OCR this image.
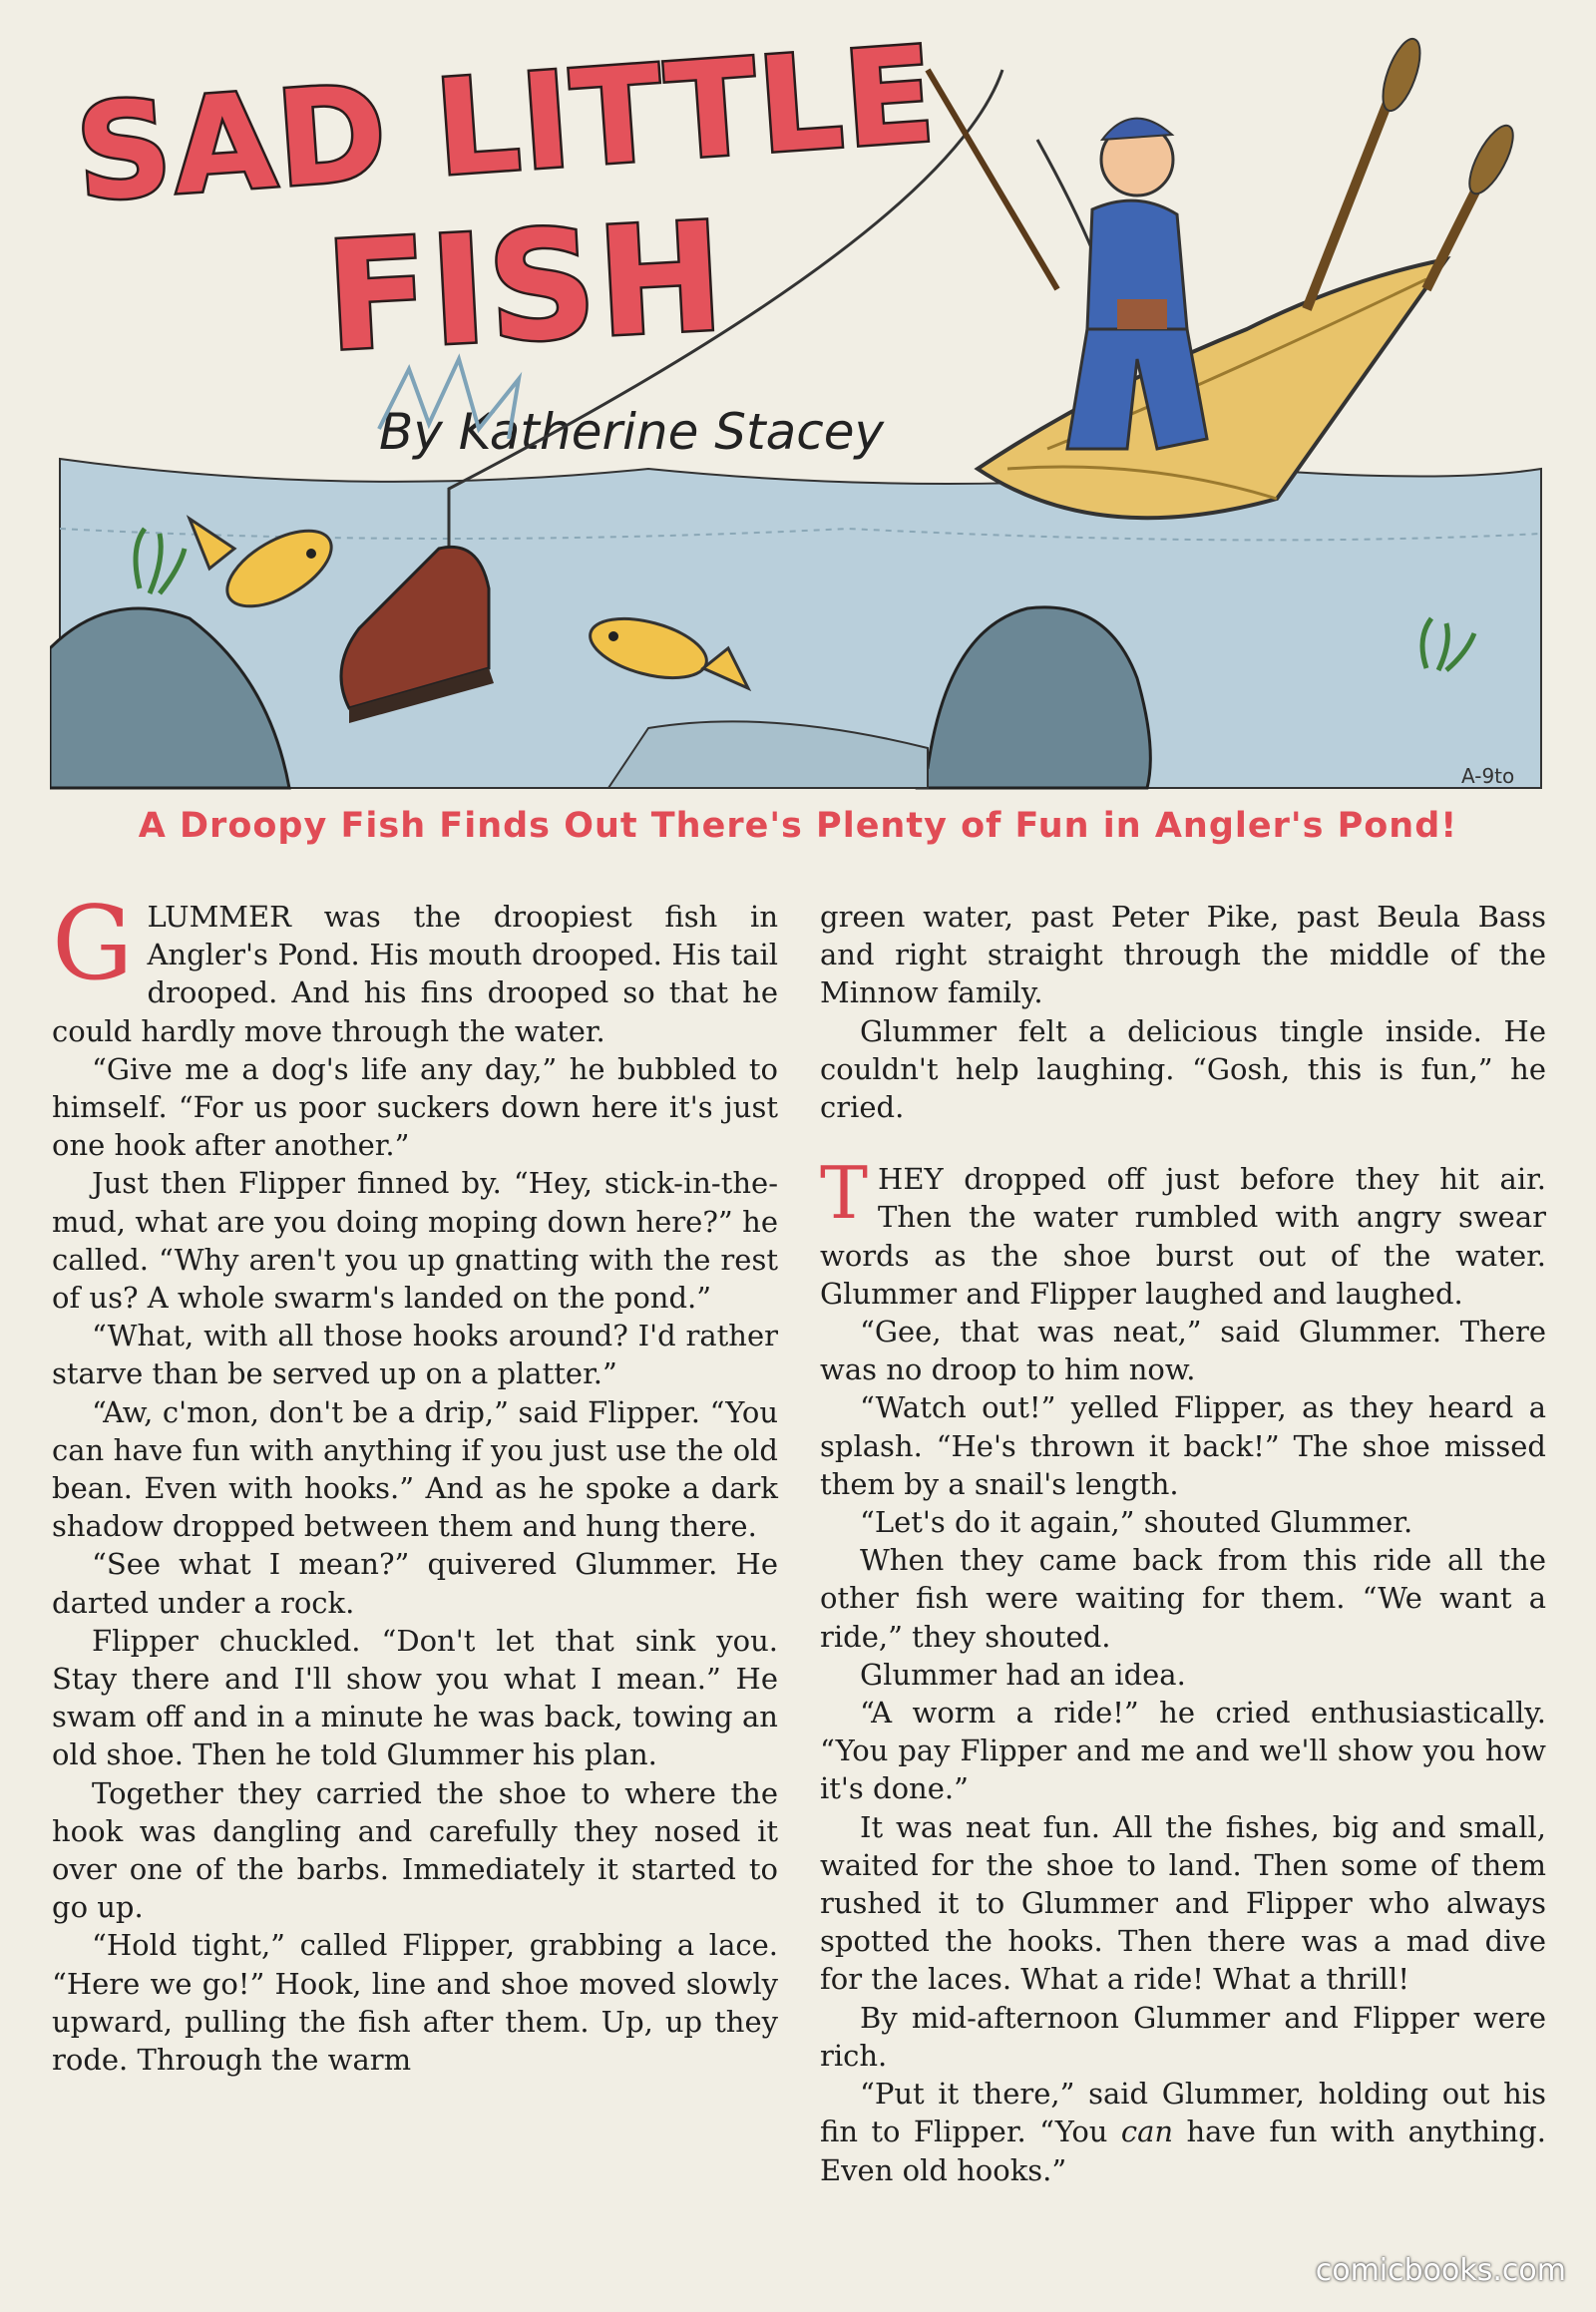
SAD LITTLE
FISH
By Katherine Stacey
A-9to
A Droopy Fish Finds Out There's Plenty of Fun in Angler's Pond!

GLUMMER was the droopiest fish in Angler's Pond. His mouth drooped. His tail drooped. And his fins drooped so that he could hardly move through the water.

“Give me a dog's life any day,” he bubbled to himself. “For us poor suckers down here it's just one hook after another.”

Just then Flipper finned by. “Hey, stick-in-the-mud, what are you doing moping down here?” he called. “Why aren't you up gnatting with the rest of us? A whole swarm's landed on the pond.”

“What, with all those hooks around? I'd rather starve than be served up on a platter.”

“Aw, c'mon, don't be a drip,” said Flipper. “You can have fun with anything if you just use the old bean. Even with hooks.” And as he spoke a dark shadow dropped between them and hung there.

“See what I mean?” quivered Glummer. He darted under a rock.

Flipper chuckled. “Don't let that sink you. Stay there and I'll show you what I mean.” He swam off and in a minute he was back, towing an old shoe. Then he told Glummer his plan.

Together they carried the shoe to where the hook was dangling and carefully they nosed it over one of the barbs. Immediately it started to go up.

“Hold tight,” called Flipper, grabbing a lace. “Here we go!” Hook, line and shoe moved slowly upward, pulling the fish after them. Up, up they rode. Through the warm

green water, past Peter Pike, past Beula Bass and right straight through the middle of the Minnow family.

Glummer felt a delicious tingle inside. He couldn't help laughing. “Gosh, this is fun,” he cried.

THEY dropped off just before they hit air. Then the water rumbled with angry swear words as the shoe burst out of the water. Glummer and Flipper laughed and laughed.

“Gee, that was neat,” said Glummer. There was no droop to him now.

“Watch out!” yelled Flipper, as they heard a splash. “He's thrown it back!” The shoe missed them by a snail's length.

“Let's do it again,” shouted Glummer.

When they came back from this ride all the other fish were waiting for them. “We want a ride,” they shouted.

Glummer had an idea.

“A worm a ride!” he cried enthusiastically. “You pay Flipper and me and we'll show you how it's done.”

It was neat fun. All the fishes, big and small, waited for the shoe to land. Then some of them rushed it to Glummer and Flipper who always spotted the hooks. Then there was a mad dive for the laces. What a ride! What a thrill!

By mid-afternoon Glummer and Flipper were rich.

“Put it there,” said Glummer, holding out his fin to Flipper. “You can have fun with anything. Even old hooks.”

comicbooks.com
